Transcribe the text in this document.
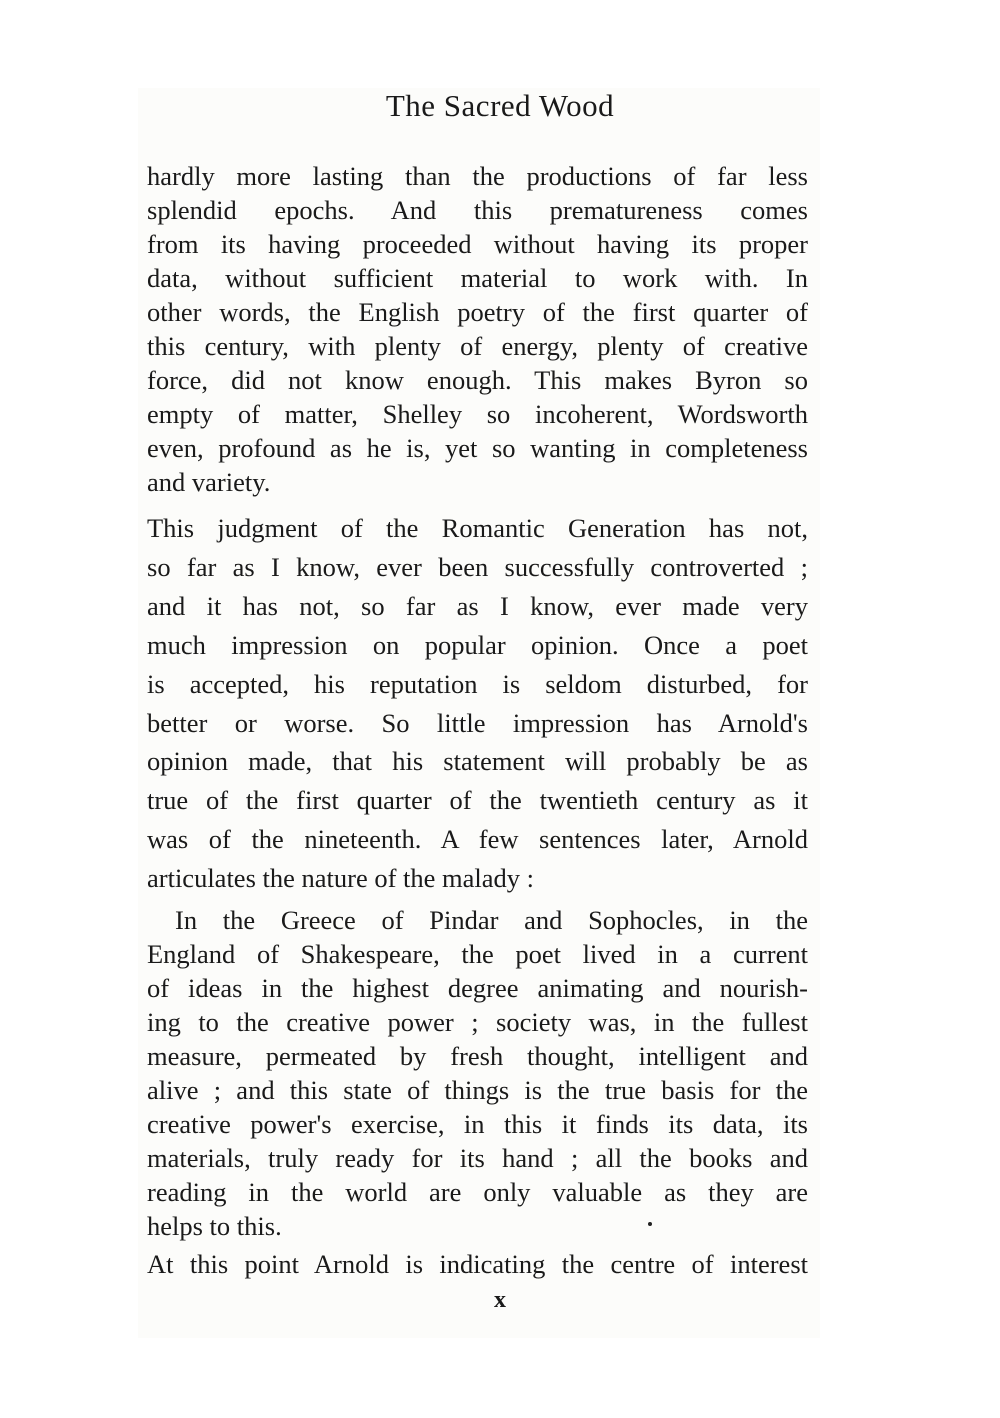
The Sacred Wood
hardly more lasting than the productions of far less
splendid epochs. And this prematureness comes
from its having proceeded without having its proper
data, without sufficient material to work with. In
other words, the English poetry of the first quarter of
this century, with plenty of energy, plenty of creative
force, did not know enough. This makes Byron so
empty of matter, Shelley so incoherent, Wordsworth
even, profound as he is, yet so wanting in completeness
and variety.
This judgment of the Romantic Generation has not,
so far as I know, ever been successfully controverted ;
and it has not, so far as I know, ever made very
much impression on popular opinion. Once a poet
is accepted, his reputation is seldom disturbed, for
better or worse. So little impression has Arnold's
opinion made, that his statement will probably be as
true of the first quarter of the twentieth century as it
was of the nineteenth. A few sentences later, Arnold
articulates the nature of the malady :
In the Greece of Pindar and Sophocles, in the
England of Shakespeare, the poet lived in a current
of ideas in the highest degree animating and nourish-
ing to the creative power ; society was, in the fullest
measure, permeated by fresh thought, intelligent and
alive ; and this state of things is the true basis for the
creative power's exercise, in this it finds its data, its
materials, truly ready for its hand ; all the books and
reading in the world are only valuable as they are
helps to this.
At this point Arnold is indicating the centre of interest
x
